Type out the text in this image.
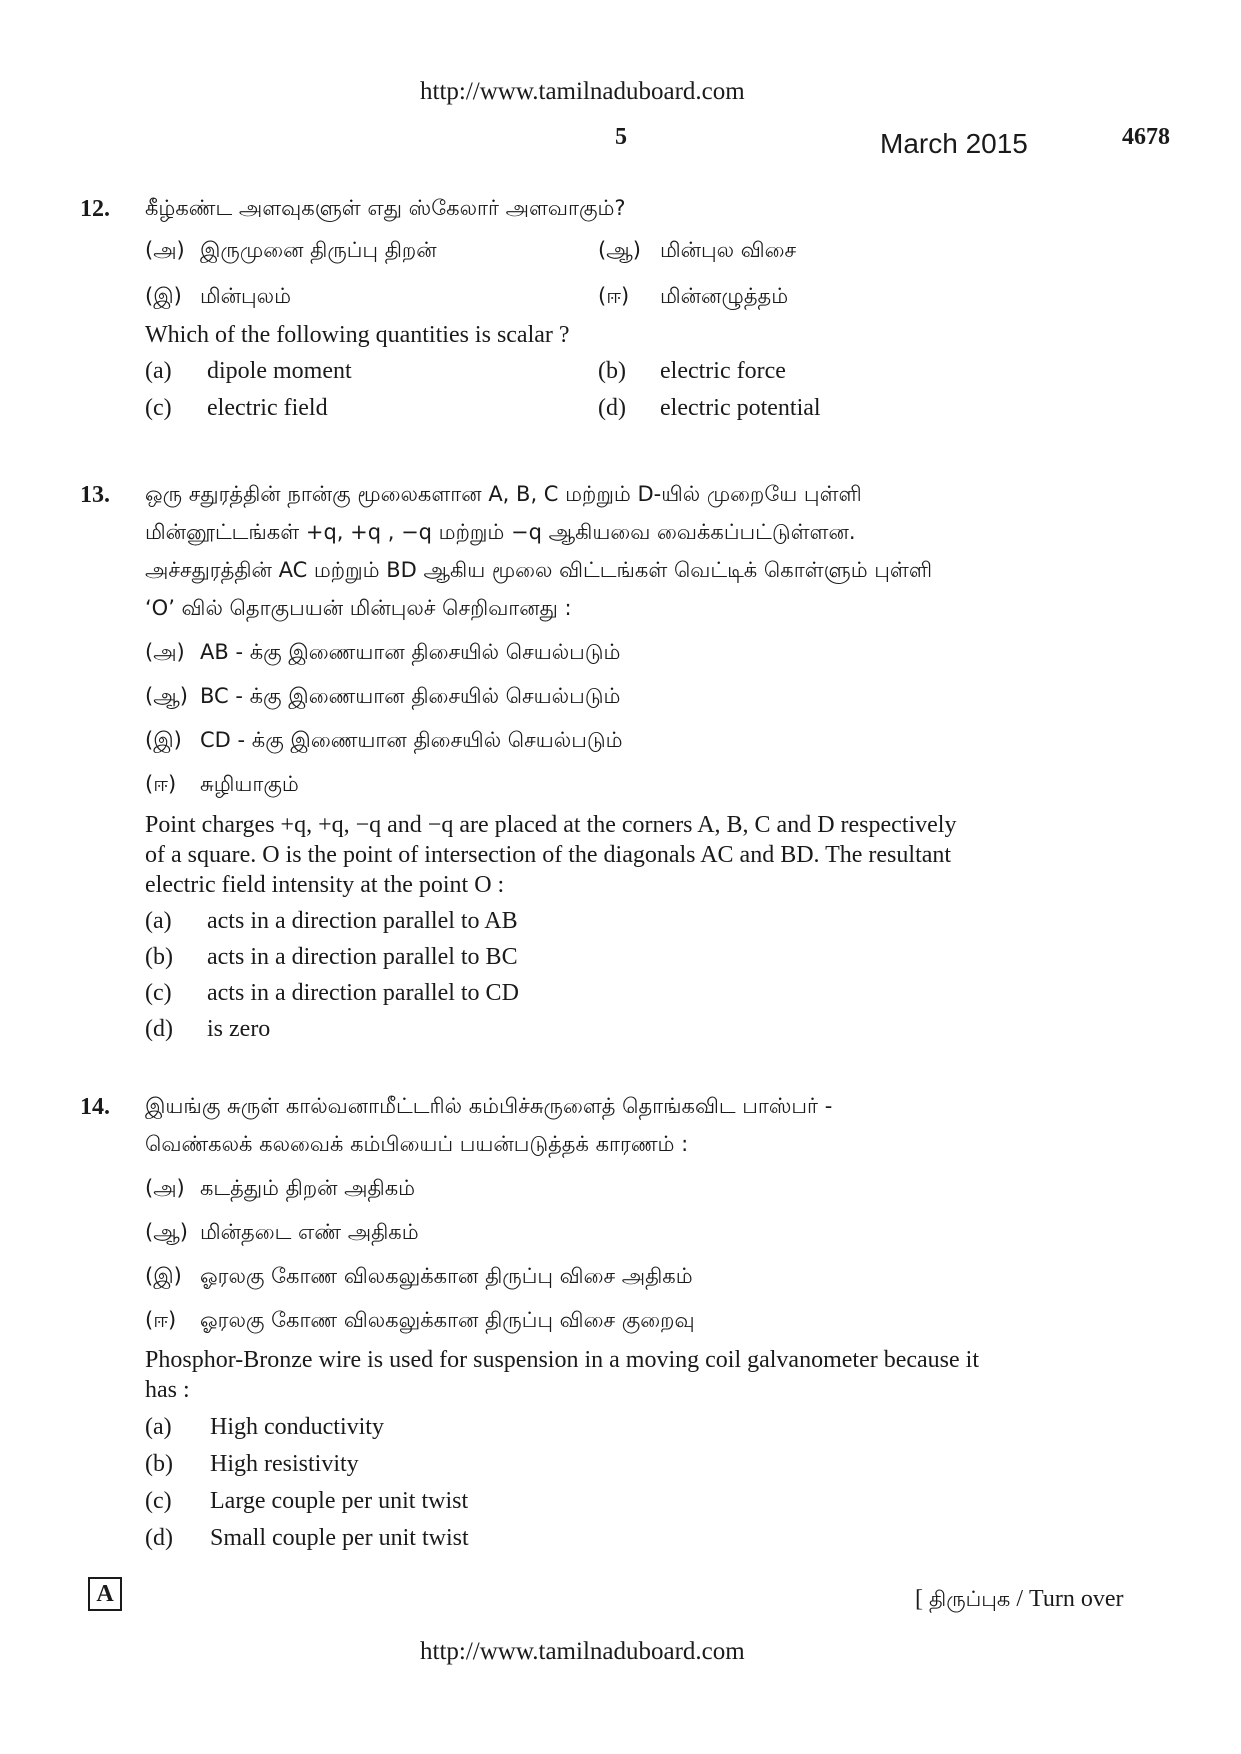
http://www.tamilnaduboard.com
5	March 2015	4678
12. கீழ்கண்ட அளவுகளுள் எது ஸ்கேலார் அளவாகும்?
(அ) இருமுனை திருப்பு திறன்	(ஆ) மின்புல விசை
(இ) மின்புலம்	(ஈ) மின்னழுத்தம்
Which of the following quantities is scalar ?
(a) dipole moment	(b) electric force
(c) electric field	(d) electric potential
13. ஒரு சதுரத்தின் நான்கு மூலைகளான A, B, C மற்றும் D-யில் முறையே புள்ளி
மின்னூட்டங்கள் +q, +q , −q மற்றும் −q ஆகியவை வைக்கப்பட்டுள்ளன.
அச்சதுரத்தின் AC மற்றும் BD ஆகிய மூலை விட்டங்கள் வெட்டிக் கொள்ளும் புள்ளி
‘O’ வில் தொகுபயன் மின்புலச் செறிவானது :
(அ) AB - க்கு இணையான திசையில் செயல்படும்
(ஆ) BC - க்கு இணையான திசையில் செயல்படும்
(இ) CD - க்கு இணையான திசையில் செயல்படும்
(ஈ) சுழியாகும்
Point charges +q, +q, −q and −q are placed at the corners A, B, C and D respectively
of a square. O is the point of intersection of the diagonals AC and BD. The resultant
electric field intensity at the point O :
(a) acts in a direction parallel to AB
(b) acts in a direction parallel to BC
(c) acts in a direction parallel to CD
(d) is zero
14. இயங்கு சுருள் கால்வனாமீட்டரில் கம்பிச்சுருளைத் தொங்கவிட பாஸ்பர் -
வெண்கலக் கலவைக் கம்பியைப் பயன்படுத்தக் காரணம் :
(அ) கடத்தும் திறன் அதிகம்
(ஆ) மின்தடை எண் அதிகம்
(இ) ஓரலகு கோண விலகலுக்கான திருப்பு விசை அதிகம்
(ஈ) ஓரலகு கோண விலகலுக்கான திருப்பு விசை குறைவு
Phosphor-Bronze wire is used for suspension in a moving coil galvanometer because it
has :
(a) High conductivity
(b) High resistivity
(c) Large couple per unit twist
(d) Small couple per unit twist
A	[ திருப்புக / Turn over
http://www.tamilnaduboard.com
